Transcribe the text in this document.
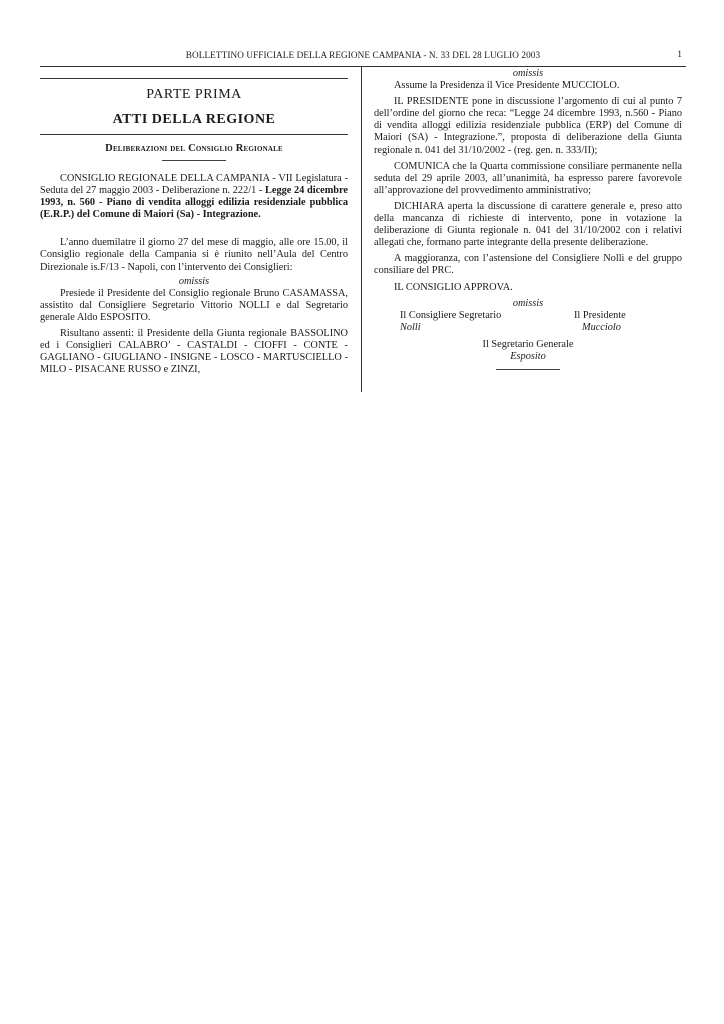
BOLLETTINO UFFICIALE DELLA REGIONE CAMPANIA - N. 33 DEL 28 LUGLIO 2003	1
PARTE PRIMA
ATTI DELLA REGIONE
Deliberazioni del Consiglio Regionale

CONSIGLIO REGIONALE DELLA CAMPANIA - VII Legislatura - Seduta del 27 maggio 2003 - Deliberazione n. 222/1 - Legge 24 dicembre 1993, n. 560 - Piano di vendita alloggi edilizia residenziale pubblica (E.R.P.) del Comune di Maiori (Sa) - Integrazione.

L’anno duemilatre il giorno 27 del mese di maggio, alle ore 15.00, il Consiglio regionale della Campania si è riunito nell’Aula del Centro Direzionale is.F/13 - Napoli, con l’intervento dei Consiglieri:

omissis

Presiede il Presidente del Consiglio regionale Bruno CASAMASSA, assistito dal Consigliere Segretario Vittorio NOLLI e dal Segretario generale Aldo ESPOSITO.

Risultano assenti: il Presidente della Giunta regionale BASSOLINO ed i Consiglieri CALABRO’ - CASTALDI - CIOFFI - CONTE - GAGLIANO - GIUGLIANO - INSIGNE - LOSCO - MARTUSCIELLO - MILO - PISACANE RUSSO e ZINZI,

omissis

Assume la Presidenza il Vice Presidente MUCCIOLO.

IL PRESIDENTE pone in discussione l’argomento di cui al punto 7 dell’ordine del giorno che reca: “Legge 24 dicembre 1993, n.560 - Piano di vendita alloggi edilizia residenziale pubblica (ERP) del Comune di Maiori (SA) - Integrazione.”, proposta di deliberazione della Giunta regionale n. 041 del 31/10/2002 - (reg. gen. n. 333/II);

COMUNICA che la Quarta commissione consiliare permanente nella seduta del 29 aprile 2003, all’unanimità, ha espresso parere favorevole all’approvazione del provvedimento amministrativo;

DICHIARA aperta la discussione di carattere generale e, preso atto della mancanza di richieste di intervento, pone in votazione la deliberazione di Giunta regionale n. 041 del 31/10/2002 con i relativi allegati che, formano parte integrante della presente deliberazione.

A maggioranza, con l’astensione del Consigliere Nolli e del gruppo consiliare del PRC.

IL CONSIGLIO APPROVA.

omissis

Il Consigliere Segretario	Il Presidente
Nolli	Mucciolo

Il Segretario Generale

Esposito
